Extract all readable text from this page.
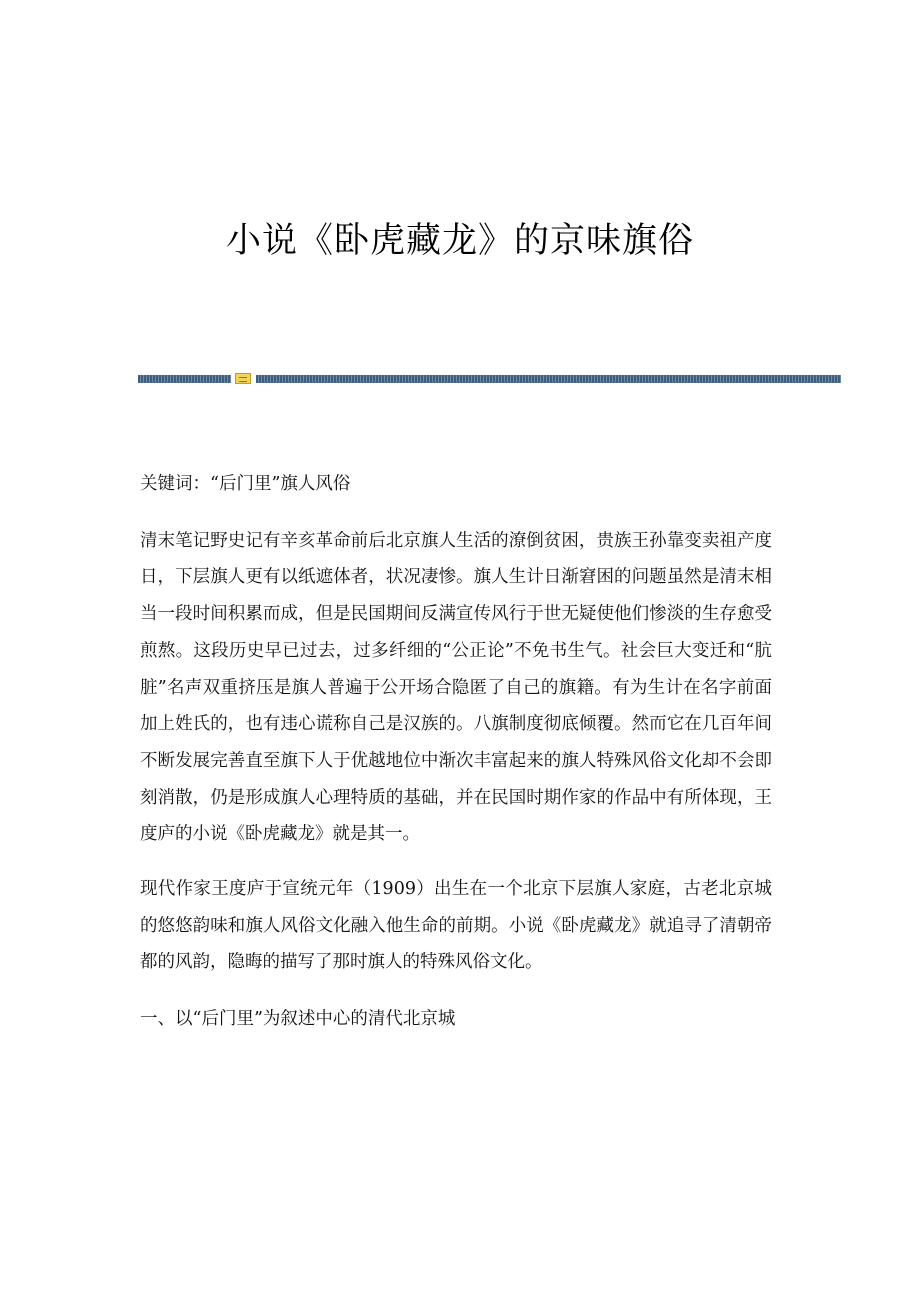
小说《卧虎藏龙》的京味旗俗

关键词：“后门里”旗人风俗

清末笔记野史记有辛亥革命前后北京旗人生活的潦倒贫困，贵族王孙靠变卖祖产度日，下层旗人更有以纸遮体者，状况凄惨。旗人生计日渐窘困的问题虽然是清末相当一段时间积累而成，但是民国期间反满宣传风行于世无疑使他们惨淡的生存愈受煎熬。这段历史早已过去，过多纤细的“公正论”不免书生气。社会巨大变迁和“肮脏”名声双重挤压是旗人普遍于公开场合隐匿了自己的旗籍。有为生计在名字前面加上姓氏的，也有违心谎称自己是汉族的。八旗制度彻底倾覆。然而它在几百年间不断发展完善直至旗下人于优越地位中渐次丰富起来的旗人特殊风俗文化却不会即刻消散，仍是形成旗人心理特质的基础，并在民国时期作家的作品中有所体现，王度庐的小说《卧虎藏龙》就是其一。

现代作家王度庐于宣统元年（1909）出生在一个北京下层旗人家庭，古老北京城的悠悠韵味和旗人风俗文化融入他生命的前期。小说《卧虎藏龙》就追寻了清朝帝都的风韵，隐晦的描写了那时旗人的特殊风俗文化。

一、以“后门里”为叙述中心的清代北京城
